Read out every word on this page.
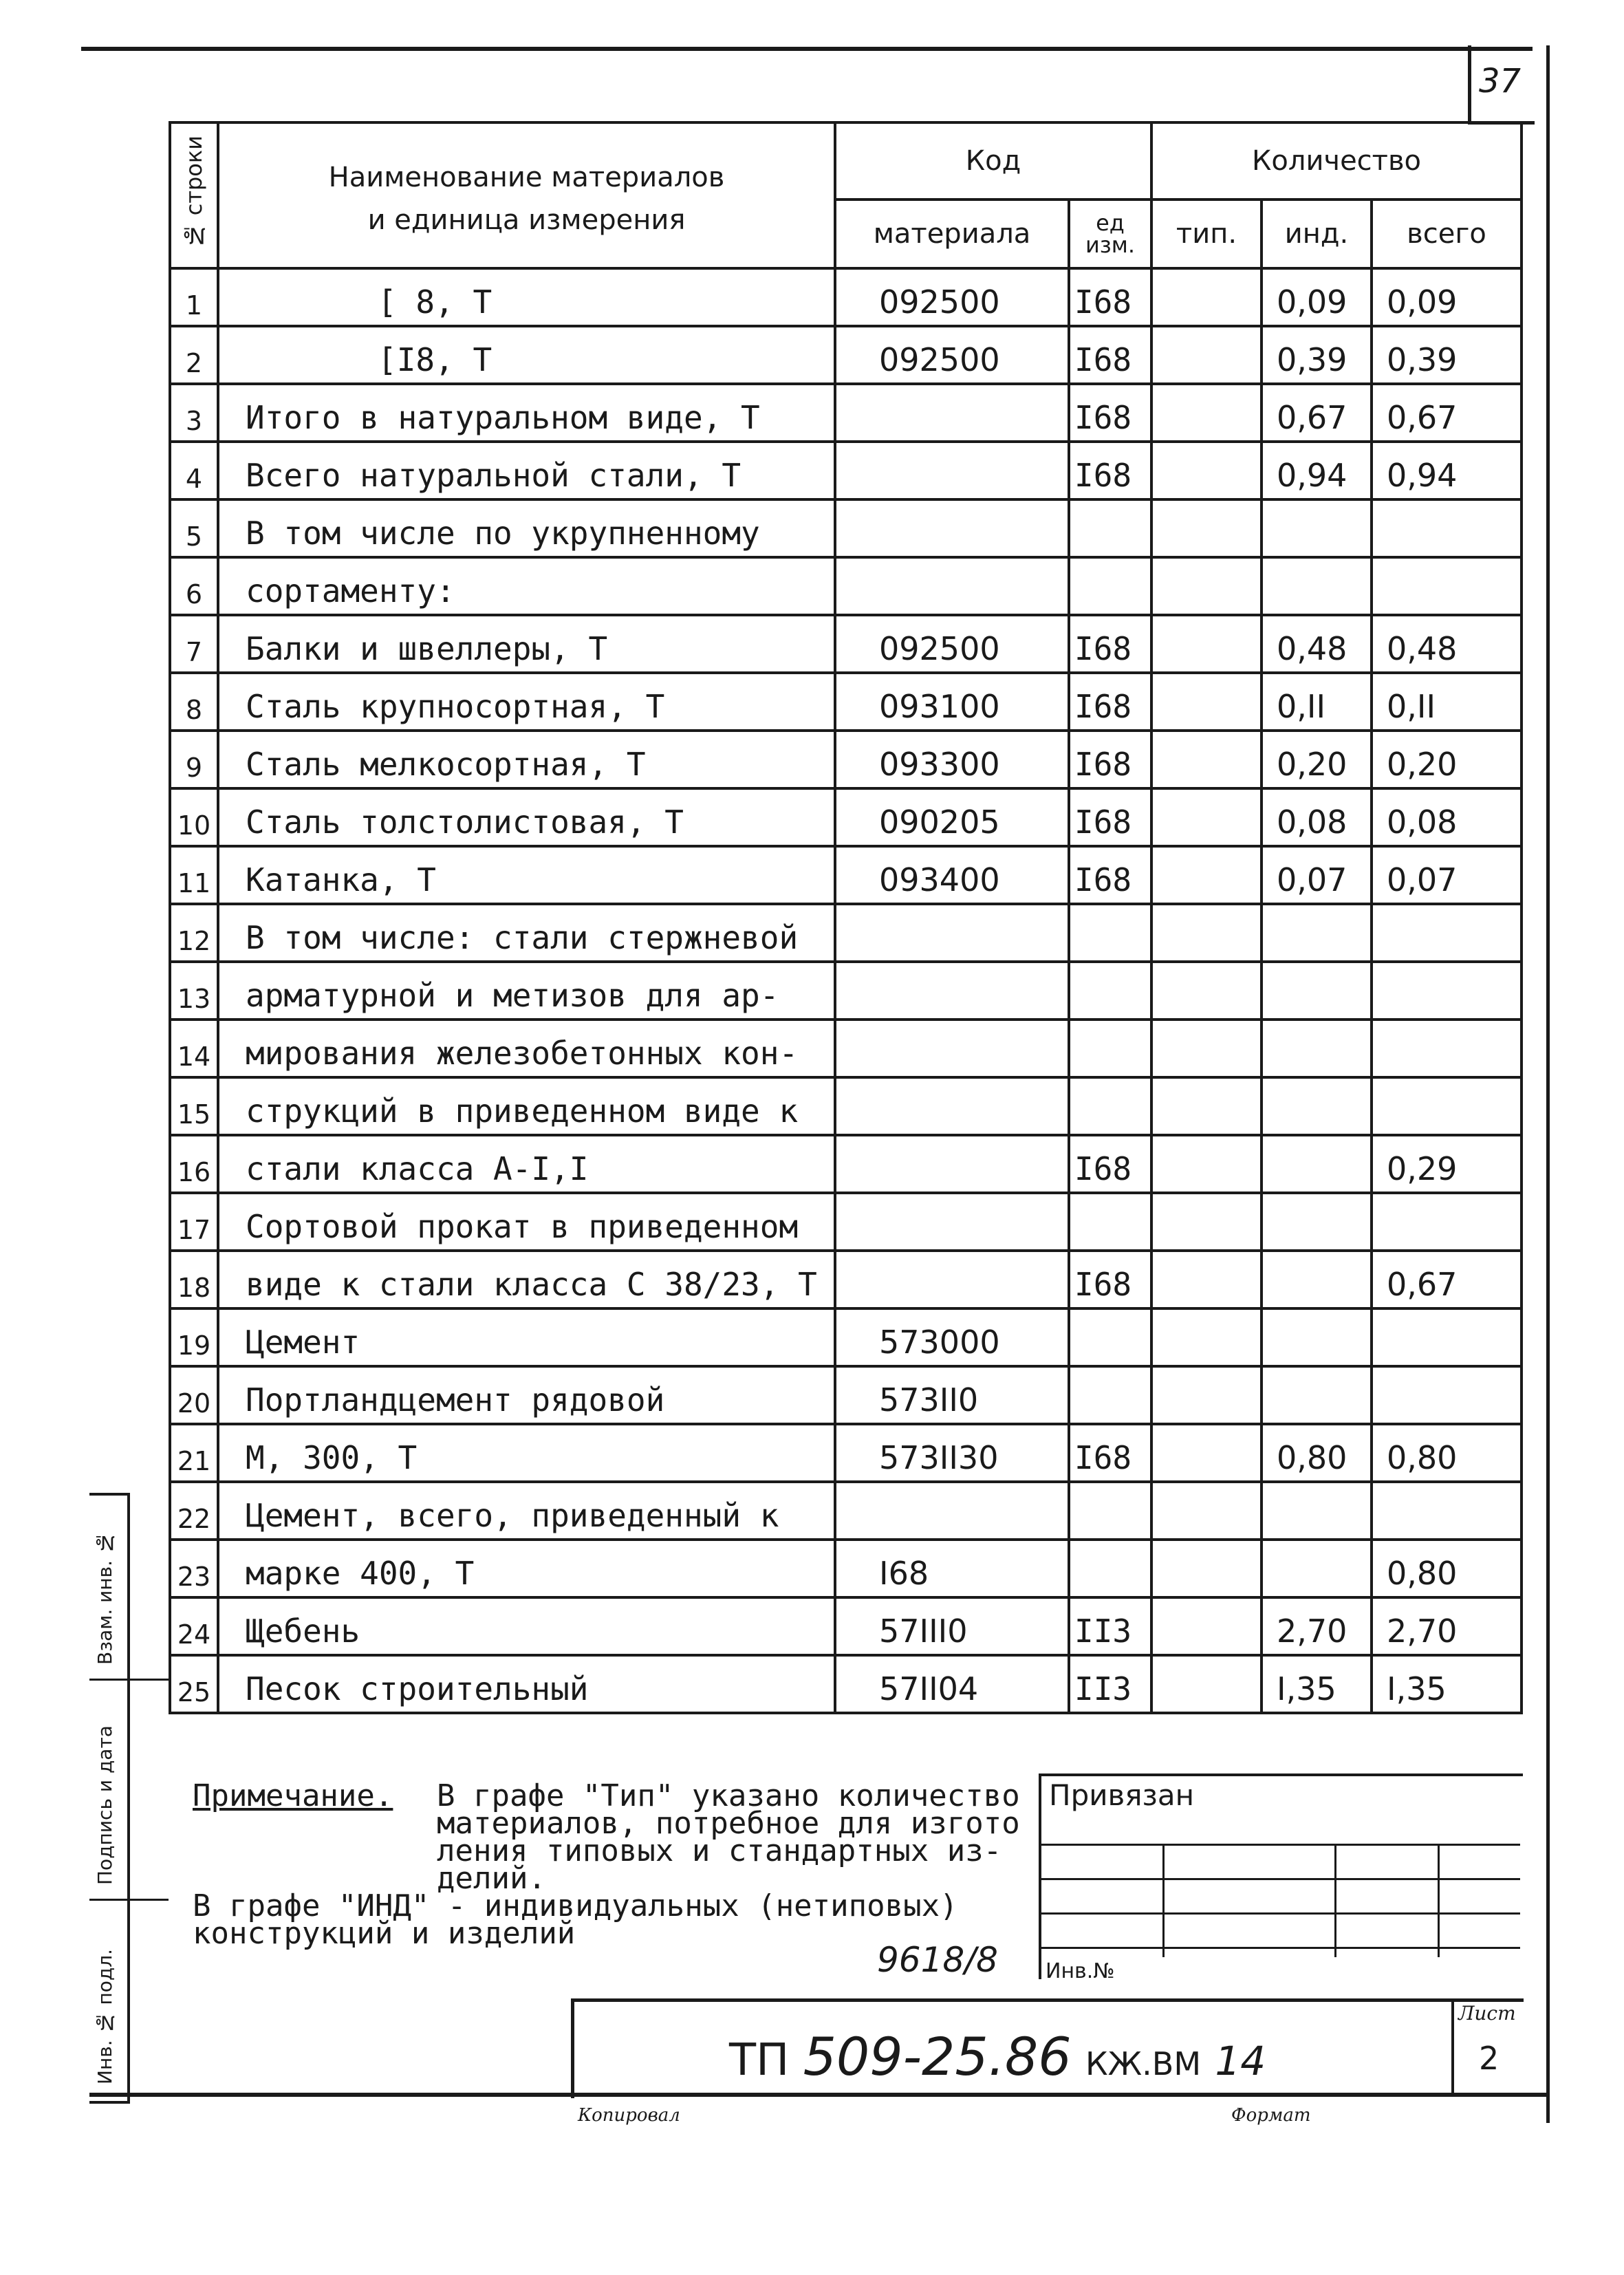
37
№ строки	Наименование материалов
и единица измерения	Код		Количество		
		материала	ед изм.	тип.	инд.	всего
1	[ 8, Т	092500	I68		0,09	0,09
2	[I8, Т	092500	I68		0,39	0,39
3	Итого в натуральном виде, Т		I68		0,67	0,67
4	Всего натуральной стали, Т		I68		0,94	0,94
5	В том числе по укрупненному					
6	сортаменту:					
7	Балки и швеллеры, Т	092500	I68		0,48	0,48
8	Сталь крупносортная, Т	093100	I68		0,II	0,II
9	Сталь мелкосортная, Т	093300	I68		0,20	0,20
10	Сталь толстолистовая, Т	090205	I68		0,08	0,08
11	Катанка, Т	093400	I68		0,07	0,07
12	В том числе: стали стержневой					
13	арматурной и метизов для ар-					
14	мирования железобетонных кон-					
15	струкций в приведенном виде к					
16	стали класса А-I,I		I68			0,29
17	Сортовой прокат в приведенном					
18	виде к стали класса С 38/23, Т		I68			0,67
19	Цемент	573000				
20	Портландцемент рядовой	573II0				
21	М, 300, Т	573II30	I68		0,80	0,80
22	Цемент, всего, приведенный к					
23	марке 400, Т	I68				0,80
24	Щебень	57III0	II3		2,70	2,70
25	Песок строительный	57II04	II3		I,35	I,35
Привязан
Инв.№
Примечание. В графе "Тип" указано количество
материалов, потребное для изгото
ления типовых и стандартных из-
делий.
В графе "ИНД" - индивидуальных (нетиповых)
конструкций и изделий
9618/8
ТП 509-25.86 КЖ.ВМ 14
Лист
2
Взам. инв. №
Подпись и дата
Инв. № подл.
Копировал	Формат
